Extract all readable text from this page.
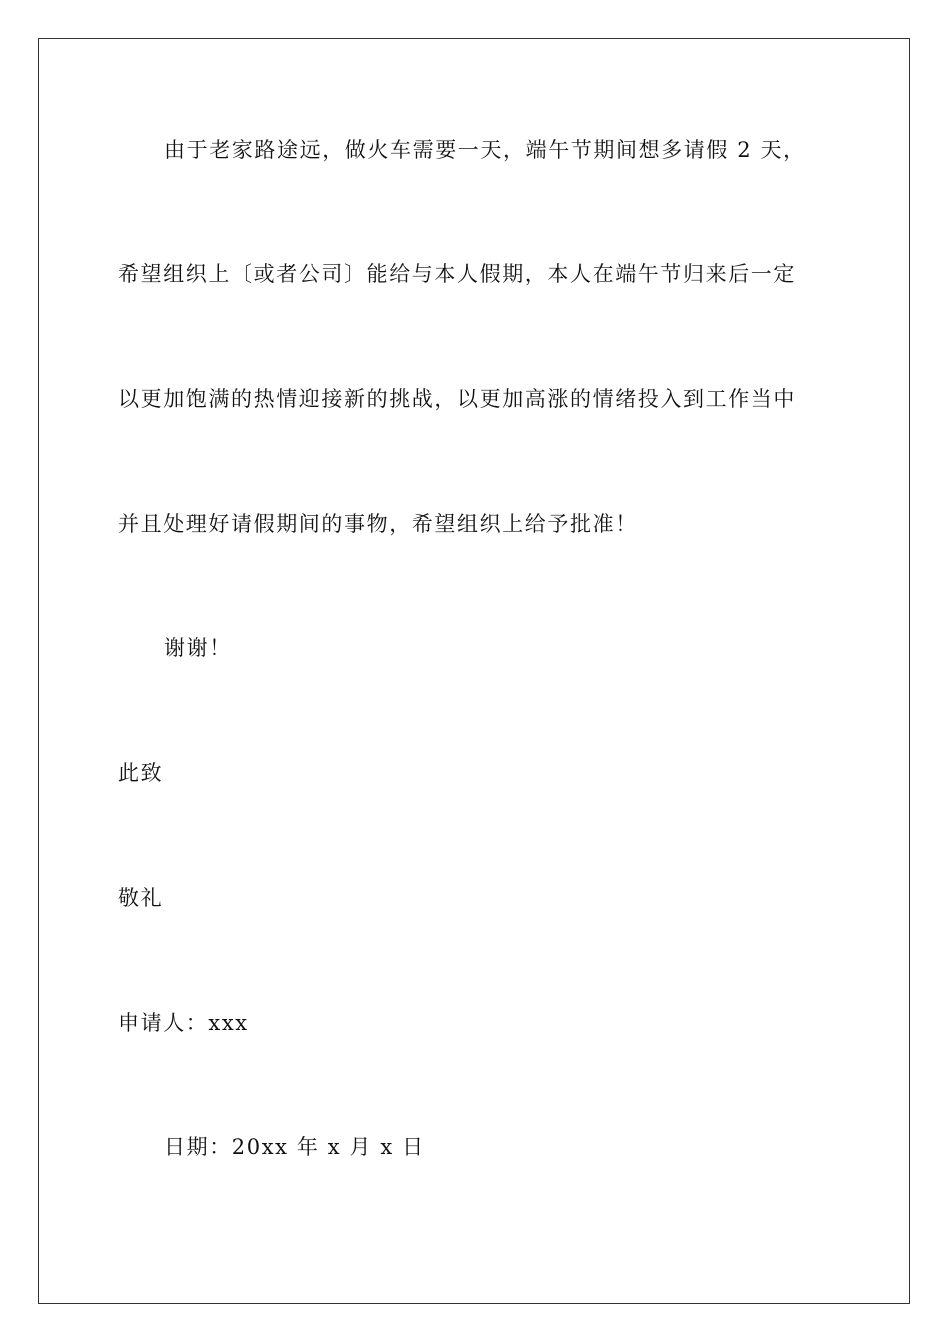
由于老家路途远，做火车需要一天，端午节期间想多请假 2 天，
希望组织上〔或者公司〕能给与本人假期，本人在端午节归来后一定
以更加饱满的热情迎接新的挑战，以更加高涨的情绪投入到工作当中
并且处理好请假期间的事物，希望组织上给予批准！
谢谢！
此致
敬礼
申请人：xxx
日期：20xx 年 x 月 x 日
